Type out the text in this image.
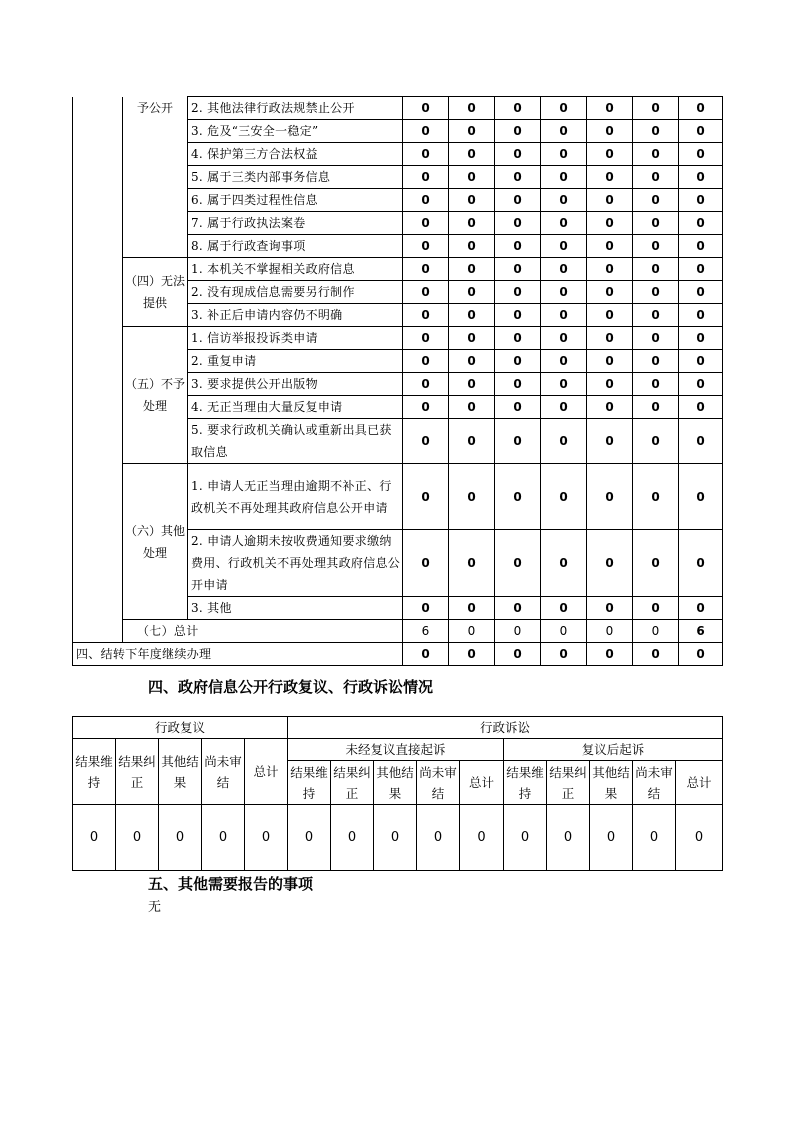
	予公开	2. 其他法律行政法规禁止公开	0	0	0	0	0	0	0
		3. 危及“三安全一稳定”	0	0	0	0	0	0	0
		4. 保护第三方合法权益	0	0	0	0	0	0	0
		5. 属于三类内部事务信息	0	0	0	0	0	0	0
		6. 属于四类过程性信息	0	0	0	0	0	0	0
		7. 属于行政执法案卷	0	0	0	0	0	0	0
		8. 属于行政查询事项	0	0	0	0	0	0	0
	（四）无法提供	1. 本机关不掌握相关政府信息	0	0	0	0	0	0	0
		2. 没有现成信息需要另行制作	0	0	0	0	0	0	0
		3. 补正后申请内容仍不明确	0	0	0	0	0	0	0
	（五）不予处理	1. 信访举报投诉类申请	0	0	0	0	0	0	0
		2. 重复申请	0	0	0	0	0	0	0
		3. 要求提供公开出版物	0	0	0	0	0	0	0
		4. 无正当理由大量反复申请	0	0	0	0	0	0	0
		5. 要求行政机关确认或重新出具已获取信息	0	0	0	0	0	0	0
	（六）其他处理	1. 申请人无正当理由逾期不补正、行政机关不再处理其政府信息公开申请	0	0	0	0	0	0	0
		2. 申请人逾期未按收费通知要求缴纳费用、行政机关不再处理其政府信息公开申请	0	0	0	0	0	0	0
		3. 其他	0	0	0	0	0	0	0
	（七）总计		6	0	0	0	0	0	6
四、结转下年度继续办理			0	0	0	0	0	0	0
四、政府信息公开行政复议、行政诉讼情况
行政复议					行政诉讼									
结果维持	结果纠正	其他结果	尚未审结	总计	未经复议直接起诉					复议后起诉				
					结果维持	结果纠正	其他结果	尚未审结	总计	结果维持	结果纠正	其他结果	尚未审结	总计
0	0	0	0	0	0	0	0	0	0	0	0	0	0	0
五、其他需要报告的事项
无
